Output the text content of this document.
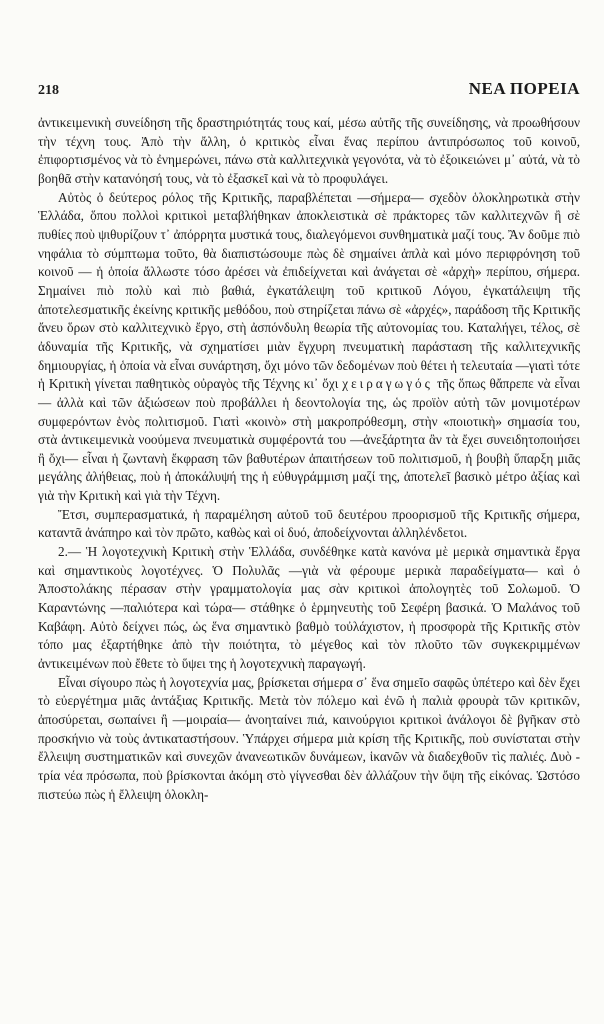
218	ΝΕΑ ΠΟΡΕΙΑ

ἀντικειμενικὴ συνείδηση τῆς δραστηριότητάς τους καί, μέσω αὐτῆς τῆς συνείδησης, νὰ προωθήσουν τὴν τέχνη τους. Ἀπὸ τὴν ἄλλη, ὁ κριτικὸς εἶναι ἕνας περίπου ἀντιπρόσωπος τοῦ κοινοῦ, ἐπιφορτισμένος νὰ τὸ ἐνημερώνει, πάνω στὰ καλλιτεχνικὰ γεγονότα, νὰ τὸ ἐξοικειώνει μ᾽ αὐτά, νὰ τὸ βοηθᾶ στὴν κατανόησή τους, νὰ τὸ ἐξασκεῖ καὶ νὰ τὸ προφυλάγει.

Αὐτὸς ὁ δεύτερος ρόλος τῆς Κριτικῆς, παραβλέπεται —σήμερα— σχεδὸν ὁλοκληρωτικὰ στὴν Ἑλλάδα, ὅπου πολλοὶ κριτικοὶ μεταβλήθηκαν ἀποκλειστικὰ σὲ πράκτορες τῶν καλλιτεχνῶν ἢ σὲ πυθίες ποὺ ψιθυρίζουν τ᾽ ἀπόρρητα μυστικά τους, διαλεγόμενοι συνθηματικὰ μαζί τους. Ἂν δοῦμε πιὸ νηφάλια τὸ σύμπτωμα τοῦτο, θὰ διαπιστώσουμε πὼς δὲ σημαίνει ἁπλὰ καὶ μόνο περιφρόνηση τοῦ κοινοῦ — ἡ ὁποία ἄλλωστε τόσο ἀρέσει νὰ ἐπιδείχνεται καὶ ἀνάγεται σὲ «ἀρχὴ» περίπου, σήμερα. Σημαίνει πιὸ πολὺ καὶ πιὸ βαθιά, ἐγκατάλειψη τοῦ κριτικοῦ Λόγου, ἐγκατάλειψη τῆς ἀποτελεσματικῆς ἐκείνης κριτικῆς μεθόδου, ποὺ στηρίζεται πάνω σὲ «ἀρχές», παράδοση τῆς Κριτικῆς ἄνευ ὅρων στὸ καλλιτεχνικὸ ἔργο, στὴ ἀσπόνδυλη θεωρία τῆς αὐτονομίας του. Καταλήγει, τέλος, σὲ ἀδυναμία τῆς Κριτικῆς, νὰ σχηματίσει μιὰν ἔγχυρη πνευματικὴ παράσταση τῆς καλλιτεχνικῆς δημιουργίας, ἡ ὁποία νὰ εἶναι συνάρτηση, ὄχι μόνο τῶν δεδομένων ποὺ θέτει ἡ τελευταία —γιατὶ τότε ἡ Κριτικὴ γίνεται παθητικὸς οὐραγὸς τῆς Τέχνης κι᾽ ὄχι χειραγωγός τῆς ὅπως θἄπρεπε νὰ εἶναι— ἀλλὰ καὶ τῶν ἀξιώσεων ποὺ προβάλλει ἡ δεοντολογία της, ὡς προϊὸν αὐτὴ τῶν μονιμοτέρων συμφερόντων ἑνὸς πολιτισμοῦ. Γιατὶ «κοινὸ» στὴ μακροπρόθεσμη, στὴν «ποιοτικὴ» σημασία του, στὰ ἀντικειμενικὰ νοούμενα πνευματικὰ συμφέροντά του —ἀνεξάρτητα ἂν τὰ ἔχει συνειδητοποιήσει ἢ ὄχι— εἶναι ἡ ζωντανὴ ἔκφραση τῶν βαθυτέρων ἀπαιτήσεων τοῦ πολιτισμοῦ, ἡ βουβὴ ὕπαρξη μιᾶς μεγάλης ἀλήθειας, ποὺ ἡ ἀποκάλυψή της ἡ εὐθυγράμμιση μαζί της, ἀποτελεῖ βασικὸ μέτρο ἀξίας καὶ γιὰ τὴν Κριτικὴ καὶ γιὰ τὴν Τέχνη.

Ἔτσι, συμπερασματικά, ἡ παραμέληση αὐτοῦ τοῦ δευτέρου προορισμοῦ τῆς Κριτικῆς σήμερα, καταντᾶ ἀνάπηρο καὶ τὸν πρῶτο, καθὼς καὶ οἱ δυό, ἀποδείχνονται ἀλληλένδετοι.

2.— Ἡ λογοτεχνικὴ Κριτικὴ στὴν Ἑλλάδα, συνδέθηκε κατὰ κανόνα μὲ μερικὰ σημαντικὰ ἔργα καὶ σημαντικοὺς λογοτέχνες. Ὁ Πολυλᾶς —γιὰ νὰ φέρουμε μερικὰ παραδείγματα— καὶ ὁ Ἀποστολάκης πέρασαν στὴν γραμματολογία μας σὰν κριτικοὶ ἀπολογητὲς τοῦ Σολωμοῦ. Ὁ Καραντώνης —παλιότερα καὶ τώρα— στάθηκε ὁ ἑρμηνευτὴς τοῦ Σεφέρη βασικά. Ὁ Μαλάνος τοῦ Καβάφη. Αὐτὸ δείχνει πώς, ὡς ἕνα σημαντικὸ βαθμὸ τοὐλάχιστον, ἡ προσφορὰ τῆς Κριτικῆς στὸν τόπο μας ἐξαρτήθηκε ἀπὸ τὴν ποιότητα, τὸ μέγεθος καὶ τὸν πλοῦτο τῶν συγκεκριμμένων ἀντικειμένων ποὺ ἔθετε τὸ ὕψει της ἡ λογοτεχνικὴ παραγωγή.

Εἶναι σίγουρο πὼς ἡ λογοτεχνία μας, βρίσκεται σήμερα σ᾽ ἕνα σημεῖο σαφῶς ὑπέτερο καὶ δὲν ἔχει τὸ εὐεργέτημα μιᾶς ἀντάξιας Κριτικῆς. Μετὰ τὸν πόλεμο καὶ ἐνῶ ἡ παλιὰ φρουρὰ τῶν κριτικῶν, ἀποσύρεται, σωπαίνει ἢ —μοιραία— ἀνοηταίνει πιά, καινούργιοι κριτικοὶ ἀνάλογοι δὲ βγῆκαν στὸ προσκήνιο νὰ τοὺς ἀντικαταστήσουν. Ὑπάρχει σήμερα μιὰ κρίση τῆς Κριτικῆς, ποὺ συνίσταται στὴν ἔλλειψη συστηματικῶν καὶ συνεχῶν ἀνανεωτικῶν δυνάμεων, ἱκανῶν νὰ διαδεχθοῦν τὶς παλιές. Δυὸ - τρία νέα πρόσωπα, ποὺ βρίσκονται ἀκόμη στὸ γίγνεσθαι δὲν ἀλλάζουν τὴν ὄψη τῆς εἰκόνας. Ὡστόσο πιστεύω πὼς ἡ ἔλλειψη ὁλοκλη-
